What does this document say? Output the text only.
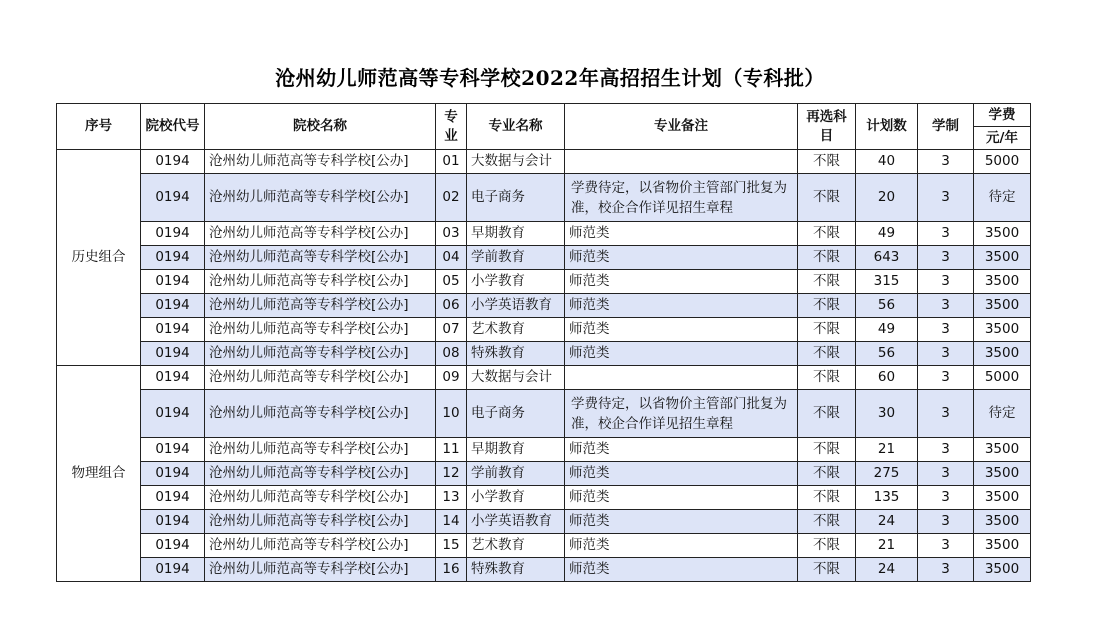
沧州幼儿师范高等专科学校2022年高招招生计划（专科批）
序号	院校代号	院校名称	专业	专业名称	专业备注	再选科目	计划数	学制	学费
									元/年
历史组合	0194	沧州幼儿师范高等专科学校[公办]	01	大数据与会计		不限	40	3	5000
	0194	沧州幼儿师范高等专科学校[公办]	02	电子商务	学费待定，以省物价主管部门批复为准，校企合作详见招生章程	不限	20	3	待定
	0194	沧州幼儿师范高等专科学校[公办]	03	早期教育	师范类	不限	49	3	3500
	0194	沧州幼儿师范高等专科学校[公办]	04	学前教育	师范类	不限	643	3	3500
	0194	沧州幼儿师范高等专科学校[公办]	05	小学教育	师范类	不限	315	3	3500
	0194	沧州幼儿师范高等专科学校[公办]	06	小学英语教育	师范类	不限	56	3	3500
	0194	沧州幼儿师范高等专科学校[公办]	07	艺术教育	师范类	不限	49	3	3500
	0194	沧州幼儿师范高等专科学校[公办]	08	特殊教育	师范类	不限	56	3	3500
物理组合	0194	沧州幼儿师范高等专科学校[公办]	09	大数据与会计		不限	60	3	5000
	0194	沧州幼儿师范高等专科学校[公办]	10	电子商务	学费待定，以省物价主管部门批复为准，校企合作详见招生章程	不限	30	3	待定
	0194	沧州幼儿师范高等专科学校[公办]	11	早期教育	师范类	不限	21	3	3500
	0194	沧州幼儿师范高等专科学校[公办]	12	学前教育	师范类	不限	275	3	3500
	0194	沧州幼儿师范高等专科学校[公办]	13	小学教育	师范类	不限	135	3	3500
	0194	沧州幼儿师范高等专科学校[公办]	14	小学英语教育	师范类	不限	24	3	3500
	0194	沧州幼儿师范高等专科学校[公办]	15	艺术教育	师范类	不限	21	3	3500
	0194	沧州幼儿师范高等专科学校[公办]	16	特殊教育	师范类	不限	24	3	3500
